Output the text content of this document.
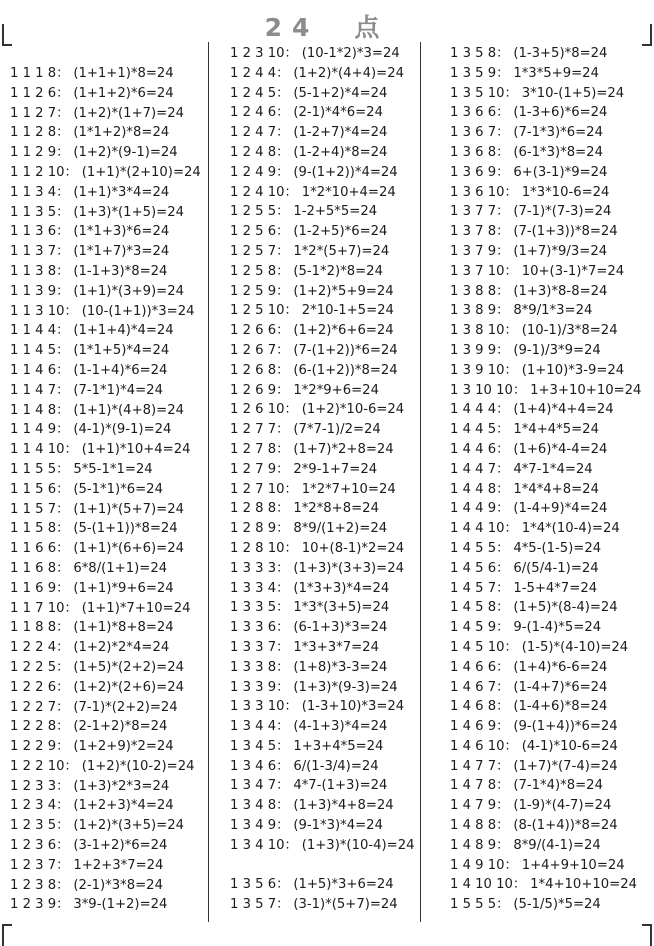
24　点
1 1 1 8： (1+1+1)*8=24
1 1 2 6： (1+1+2)*6=24
1 1 2 7： (1+2)*(1+7)=24
1 1 2 8： (1*1+2)*8=24
1 1 2 9： (1+2)*(9-1)=24
1 1 2 10： (1+1)*(2+10)=24
1 1 3 4： (1+1)*3*4=24
1 1 3 5： (1+3)*(1+5)=24
1 1 3 6： (1*1+3)*6=24
1 1 3 7： (1*1+7)*3=24
1 1 3 8： (1-1+3)*8=24
1 1 3 9： (1+1)*(3+9)=24
1 1 3 10： (10-(1+1))*3=24
1 1 4 4： (1+1+4)*4=24
1 1 4 5： (1*1+5)*4=24
1 1 4 6： (1-1+4)*6=24
1 1 4 7： (7-1*1)*4=24
1 1 4 8： (1+1)*(4+8)=24
1 1 4 9： (4-1)*(9-1)=24
1 1 4 10： (1+1)*10+4=24
1 1 5 5： 5*5-1*1=24
1 1 5 6： (5-1*1)*6=24
1 1 5 7： (1+1)*(5+7)=24
1 1 5 8： (5-(1+1))*8=24
1 1 6 6： (1+1)*(6+6)=24
1 1 6 8： 6*8/(1+1)=24
1 1 6 9： (1+1)*9+6=24
1 1 7 10： (1+1)*7+10=24
1 1 8 8： (1+1)*8+8=24
1 2 2 4： (1+2)*2*4=24
1 2 2 5： (1+5)*(2+2)=24
1 2 2 6： (1+2)*(2+6)=24
1 2 2 7： (7-1)*(2+2)=24
1 2 2 8： (2-1+2)*8=24
1 2 2 9： (1+2+9)*2=24
1 2 2 10： (1+2)*(10-2)=24
1 2 3 3： (1+3)*2*3=24
1 2 3 4： (1+2+3)*4=24
1 2 3 5： (1+2)*(3+5)=24
1 2 3 6： (3-1+2)*6=24
1 2 3 7： 1+2+3*7=24
1 2 3 8： (2-1)*3*8=24
1 2 3 9： 3*9-(1+2)=24
1 2 3 10： (10-1*2)*3=24
1 2 4 4： (1+2)*(4+4)=24
1 2 4 5： (5-1+2)*4=24
1 2 4 6： (2-1)*4*6=24
1 2 4 7： (1-2+7)*4=24
1 2 4 8： (1-2+4)*8=24
1 2 4 9： (9-(1+2))*4=24
1 2 4 10： 1*2*10+4=24
1 2 5 5： 1-2+5*5=24
1 2 5 6： (1-2+5)*6=24
1 2 5 7： 1*2*(5+7)=24
1 2 5 8： (5-1*2)*8=24
1 2 5 9： (1+2)*5+9=24
1 2 5 10： 2*10-1+5=24
1 2 6 6： (1+2)*6+6=24
1 2 6 7： (7-(1+2))*6=24
1 2 6 8： (6-(1+2))*8=24
1 2 6 9： 1*2*9+6=24
1 2 6 10： (1+2)*10-6=24
1 2 7 7： (7*7-1)/2=24
1 2 7 8： (1+7)*2+8=24
1 2 7 9： 2*9-1+7=24
1 2 7 10： 1*2*7+10=24
1 2 8 8： 1*2*8+8=24
1 2 8 9： 8*9/(1+2)=24
1 2 8 10： 10+(8-1)*2=24
1 3 3 3： (1+3)*(3+3)=24
1 3 3 4： (1*3+3)*4=24
1 3 3 5： 1*3*(3+5)=24
1 3 3 6： (6-1+3)*3=24
1 3 3 7： 1*3+3*7=24
1 3 3 8： (1+8)*3-3=24
1 3 3 9： (1+3)*(9-3)=24
1 3 3 10： (1-3+10)*3=24
1 3 4 4： (4-1+3)*4=24
1 3 4 5： 1+3+4*5=24
1 3 4 6： 6/(1-3/4)=24
1 3 4 7： 4*7-(1+3)=24
1 3 4 8： (1+3)*4+8=24
1 3 4 9： (9-1*3)*4=24
1 3 4 10： (1+3)*(10-4)=24
1 3 5 6： (1+5)*3+6=24
1 3 5 7： (3-1)*(5+7)=24
1 3 5 8： (1-3+5)*8=24
1 3 5 9： 1*3*5+9=24
1 3 5 10： 3*10-(1+5)=24
1 3 6 6： (1-3+6)*6=24
1 3 6 7： (7-1*3)*6=24
1 3 6 8： (6-1*3)*8=24
1 3 6 9： 6+(3-1)*9=24
1 3 6 10： 1*3*10-6=24
1 3 7 7： (7-1)*(7-3)=24
1 3 7 8： (7-(1+3))*8=24
1 3 7 9： (1+7)*9/3=24
1 3 7 10： 10+(3-1)*7=24
1 3 8 8： (1+3)*8-8=24
1 3 8 9： 8*9/1*3=24
1 3 8 10： (10-1)/3*8=24
1 3 9 9： (9-1)/3*9=24
1 3 9 10： (1+10)*3-9=24
1 3 10 10： 1+3+10+10=24
1 4 4 4： (1+4)*4+4=24
1 4 4 5： 1*4+4*5=24
1 4 4 6： (1+6)*4-4=24
1 4 4 7： 4*7-1*4=24
1 4 4 8： 1*4*4+8=24
1 4 4 9： (1-4+9)*4=24
1 4 4 10： 1*4*(10-4)=24
1 4 5 5： 4*5-(1-5)=24
1 4 5 6： 6/(5/4-1)=24
1 4 5 7： 1-5+4*7=24
1 4 5 8： (1+5)*(8-4)=24
1 4 5 9： 9-(1-4)*5=24
1 4 5 10： (1-5)*(4-10)=24
1 4 6 6： (1+4)*6-6=24
1 4 6 7： (1-4+7)*6=24
1 4 6 8： (1-4+6)*8=24
1 4 6 9： (9-(1+4))*6=24
1 4 6 10： (4-1)*10-6=24
1 4 7 7： (1+7)*(7-4)=24
1 4 7 8： (7-1*4)*8=24
1 4 7 9： (1-9)*(4-7)=24
1 4 8 8： (8-(1+4))*8=24
1 4 8 9： 8*9/(4-1)=24
1 4 9 10： 1+4+9+10=24
1 4 10 10： 1*4+10+10=24
1 5 5 5： (5-1/5)*5=24
